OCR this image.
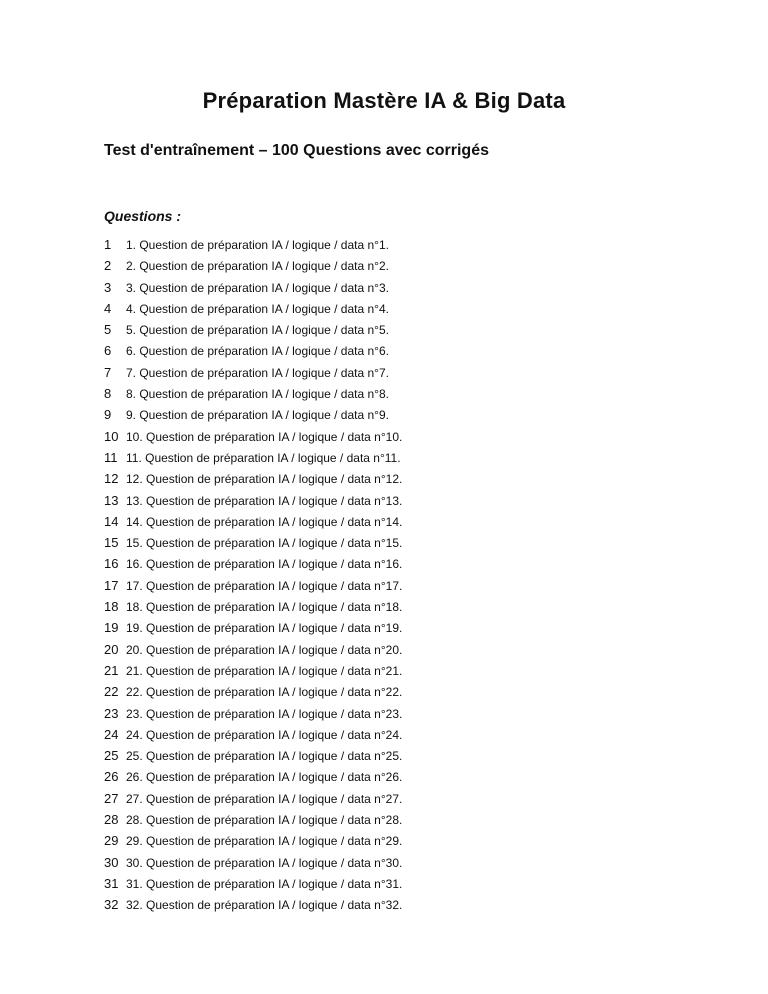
Préparation Mastère IA & Big Data
Test d'entraînement – 100 Questions avec corrigés
Questions :
1	1. Question de préparation IA / logique / data n°1.
2	2. Question de préparation IA / logique / data n°2.
3	3. Question de préparation IA / logique / data n°3.
4	4. Question de préparation IA / logique / data n°4.
5	5. Question de préparation IA / logique / data n°5.
6	6. Question de préparation IA / logique / data n°6.
7	7. Question de préparation IA / logique / data n°7.
8	8. Question de préparation IA / logique / data n°8.
9	9. Question de préparation IA / logique / data n°9.
10 10. Question de préparation IA / logique / data n°10.
11 11. Question de préparation IA / logique / data n°11.
12 12. Question de préparation IA / logique / data n°12.
13 13. Question de préparation IA / logique / data n°13.
14 14. Question de préparation IA / logique / data n°14.
15 15. Question de préparation IA / logique / data n°15.
16 16. Question de préparation IA / logique / data n°16.
17 17. Question de préparation IA / logique / data n°17.
18 18. Question de préparation IA / logique / data n°18.
19 19. Question de préparation IA / logique / data n°19.
20 20. Question de préparation IA / logique / data n°20.
21 21. Question de préparation IA / logique / data n°21.
22 22. Question de préparation IA / logique / data n°22.
23 23. Question de préparation IA / logique / data n°23.
24 24. Question de préparation IA / logique / data n°24.
25 25. Question de préparation IA / logique / data n°25.
26 26. Question de préparation IA / logique / data n°26.
27 27. Question de préparation IA / logique / data n°27.
28 28. Question de préparation IA / logique / data n°28.
29 29. Question de préparation IA / logique / data n°29.
30 30. Question de préparation IA / logique / data n°30.
31 31. Question de préparation IA / logique / data n°31.
32 32. Question de préparation IA / logique / data n°32.
